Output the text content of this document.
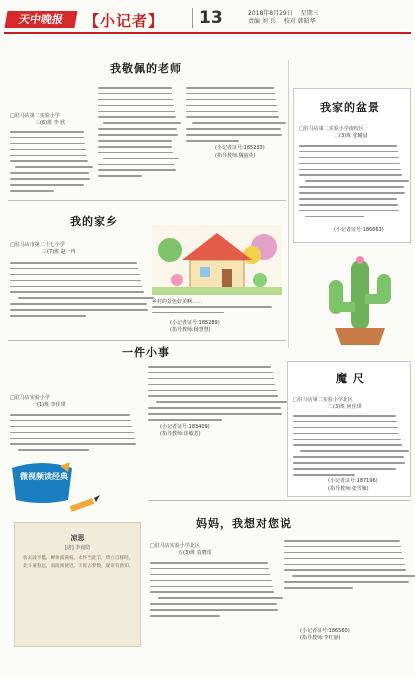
天中晚报	【小记者】	13	2018年8月29日 星期三
责编 刘 兵 校对 韩昭华
我敬佩的老师
□驻马店第二实验小学
三(6)班 李 欣
(小记者证号:185233)
(指导教师:魏丽英)
我的家乡
□驻马店市第二十七小学
三(7)班 赵一冉
乡村的景色好美啊……
(小记者证号:185289)
(指导教师:杨慧慧)
我家的盆景
□驻马店第二实验小学南校区
二(3)班 张曦晨
(小记者证号:186663)
魔 尺
□驻马店第二实验小学北区
二(3)班 何佳琪
(小记者证号:187196)
(指导教师:张雪雁)
一件小事
□驻马店实验小学
一(1)班 李佳琪
(小记者证号:183409)
(指导教师:崔敏芳)
微视频读经典
凉思
[唐] 李商隐
客去波平槛，蝉休露满枝。永怀当此节，倚立自移时。北斗兼春远，南陵寓使迟。天涯占梦数，疑误有新知。
妈妈，我想对您说
□驻马店实验小学北区
五(3)班 袁晓雷
(小记者证号:186560)
(指导教师:李红丽)
